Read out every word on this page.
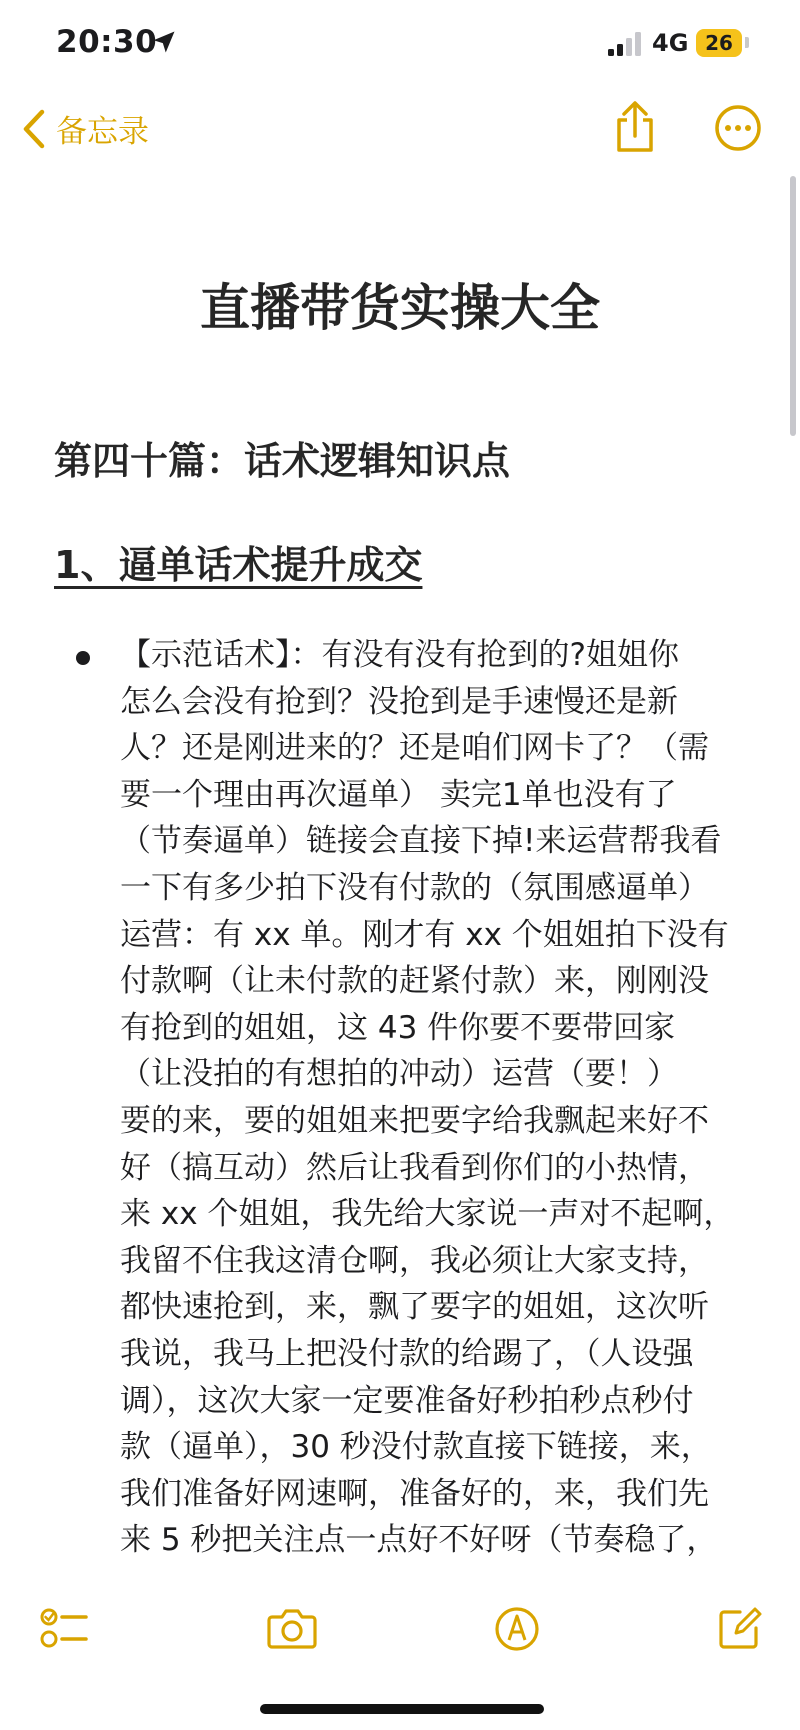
20:30	4G 26
备忘录
直播带货实操大全
第四十篇：话术逻辑知识点
1、逼单话术提升成交
【示范话术】：有没有没有抢到的?姐姐你
怎么会没有抢到？没抢到是手速慢还是新
人？还是刚进来的？还是咱们网卡了？（需
要一个理由再次逼单） 卖完1单也没有了
（节奏逼单）链接会直接下掉!来运营帮我看
一下有多少拍下没有付款的（氛围感逼单）
运营：有 xx 单。刚才有 xx 个姐姐拍下没有
付款啊（让未付款的赶紧付款）来，刚刚没
有抢到的姐姐，这 43 件你要不要带回家
（让没拍的有想拍的冲动）运营（要！）
要的来，要的姐姐来把要字给我飘起来好不
好（搞互动）然后让我看到你们的小热情，
来 xx 个姐姐，我先给大家说一声对不起啊，
我留不住我这清仓啊，我必须让大家支持，
都快速抢到，来，飘了要字的姐姐，这次听
我说，我马上把没付款的给踢了，（人设强
调），这次大家一定要准备好秒拍秒点秒付
款（逼单），30 秒没付款直接下链接，来，
我们准备好网速啊，准备好的，来，我们先
来 5 秒把关注点一点好不好呀（节奏稳了，
